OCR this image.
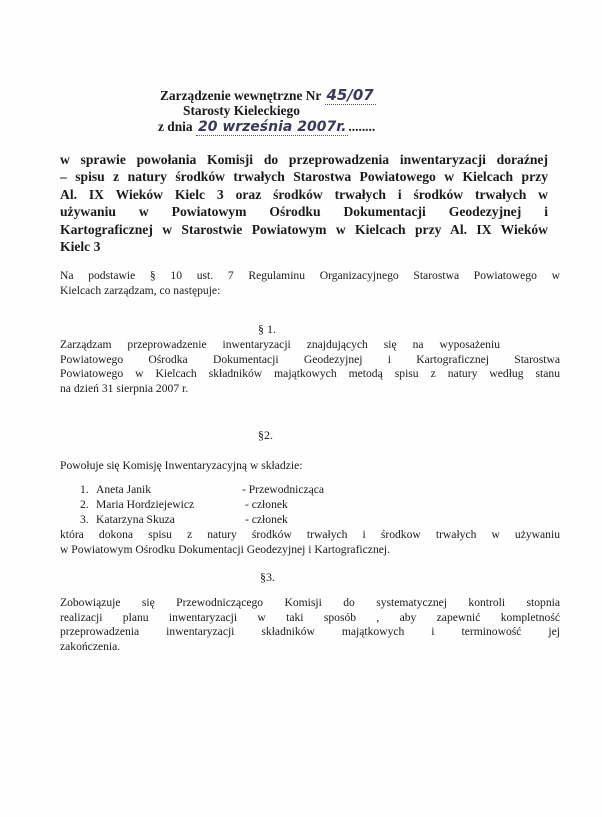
Zarządzenie wewnętrzne Nr 45/07
Starosty Kieleckiego
z dnia 20 września 2007r. ........
w sprawie powołania Komisji do przeprowadzenia inwentaryzacji doraźnej
– spisu z natury środków trwałych Starostwa Powiatowego w Kielcach przy
Al. IX Wieków Kielc 3 oraz środków trwałych i środków trwałych w
używaniu w Powiatowym Ośrodku Dokumentacji Geodezyjnej i
Kartograficznej w Starostwie Powiatowym w Kielcach przy Al. IX Wieków
Kielc 3
Na podstawie § 10 ust. 7 Regulaminu Organizacyjnego Starostwa Powiatowego w
Kielcach zarządzam, co następuje:
§ 1.
Zarządzam przeprowadzenie inwentaryzacji znajdujących się na wyposażeniu
Powiatowego Ośrodka Dokumentacji Geodezyjnej i Kartograficznej Starostwa
Powiatowego w Kielcach składników majątkowych metodą spisu z natury według stanu
na dzień 31 sierpnia 2007 r.
§2.
Powołuje się Komisję Inwentaryzacyjną w składzie:
1. Aneta Janik	- Przewodnicząca
2. Maria Hordziejewicz	- członek
3. Katarzyna Skuza	- członek
która dokona spisu z natury środków trwałych i środkow trwałych w używaniu
w Powiatowym Ośrodku Dokumentacji Geodezyjnej i Kartograficznej.
§3.
Zobowiązuje się Przewodniczącego Komisji do systematycznej kontroli stopnia
realizacji planu inwentaryzacji w taki sposób , aby zapewnić kompletność
przeprowadzenia inwentaryzacji składników majątkowych i terminowość jej
zakończenia.
